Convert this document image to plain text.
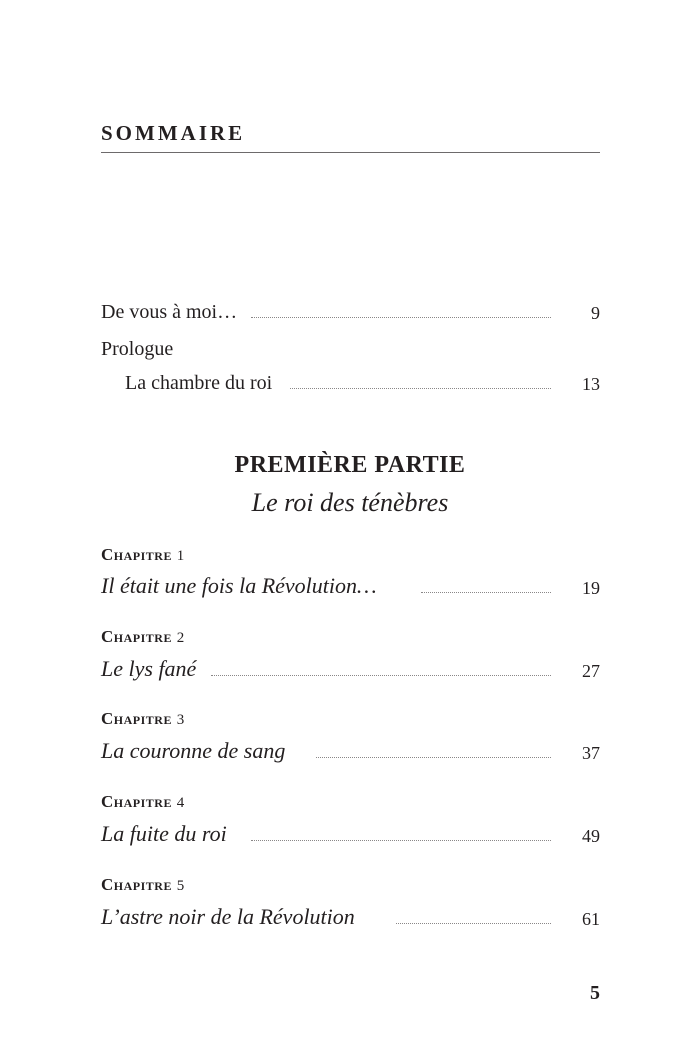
SOMMAIRE
De vous à moi…	9
Prologue
La chambre du roi	13
PREMIÈRE PARTIE
Le roi des ténèbres
Chapitre 1
Il était une fois la Révolution…	19
Chapitre 2
Le lys fané	27
Chapitre 3
La couronne de sang	37
Chapitre 4
La fuite du roi	49
Chapitre 5
L’astre noir de la Révolution	61
5
